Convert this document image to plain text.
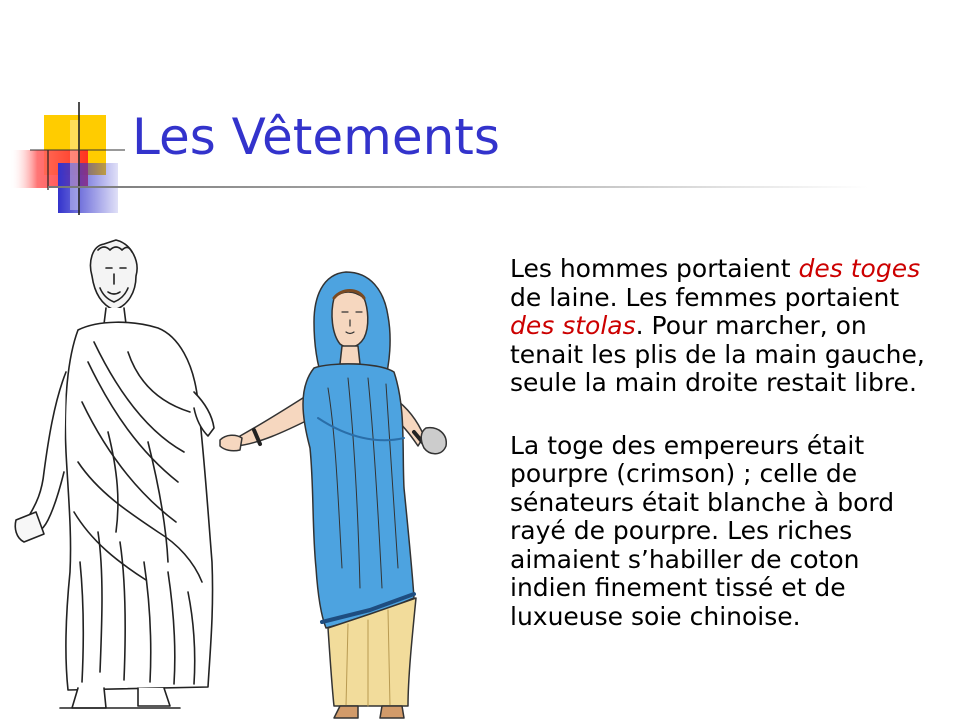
Les Vêtements

Les hommes portaient des toges de laine. Les femmes portaient des stolas. Pour marcher, on tenait les plis de la main gauche, seule la main droite restait libre.

La toge des empereurs était pourpre (crimson) ; celle de sénateurs était blanche à bord rayé de pourpre. Les riches aimaient s’habiller de coton indien finement tissé et de luxueuse soie chinoise.
